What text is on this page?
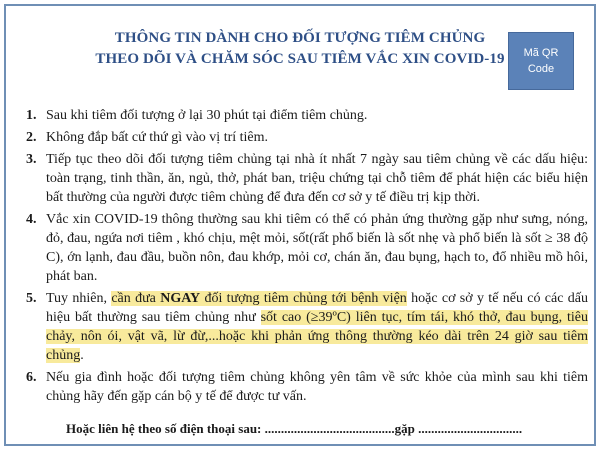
THÔNG TIN DÀNH CHO ĐỐI TƯỢNG TIÊM CHỦNG
THEO DÕI VÀ CHĂM SÓC SAU TIÊM VẮC XIN COVID-19	Mã QR
Code
1. Sau khi tiêm đối tượng ở lại 30 phút tại điểm tiêm chủng.
2. Không đắp bất cứ thứ gì vào vị trí tiêm.
3. Tiếp tục theo dõi đối tượng tiêm chủng tại nhà ít nhất 7 ngày sau tiêm chủng về các dấu hiệu: toàn trạng, tinh thần, ăn, ngủ, thở, phát ban, triệu chứng tại chỗ tiêm để phát hiện các biểu hiện bất thường của người được tiêm chủng để đưa đến cơ sở y tế điều trị kịp thời.
4. Vắc xin COVID-19 thông thường sau khi tiêm có thể có phản ứng thường gặp như sưng, nóng, đỏ, đau, ngứa nơi tiêm , khó chịu, mệt mỏi, sốt(rất phổ biến là sốt nhẹ và phổ biến là sốt ≥ 38 độ C), ớn lạnh, đau đầu, buồn nôn, đau khớp, mỏi cơ, chán ăn, đau bụng, hạch to, đổ nhiều mồ hôi, phát ban.
5. Tuy nhiên, cần đưa NGAY đối tượng tiêm chủng tới bệnh viện hoặc cơ sở y tế nếu có các dấu hiệu bất thường sau tiêm chủng như sốt cao (≥39ºC) liên tục, tím tái, khó thở, đau bụng, tiêu chảy, nôn ói, vật vã, lừ đừ,...hoặc khi phản ứng thông thường kéo dài trên 24 giờ sau tiêm chủng.
6. Nếu gia đình hoặc đối tượng tiêm chủng không yên tâm về sức khỏe của mình sau khi tiêm chủng hãy đến gặp cán bộ y tế để được tư vấn.
Hoặc liên hệ theo số điện thoại sau: ........................................gặp ................................
